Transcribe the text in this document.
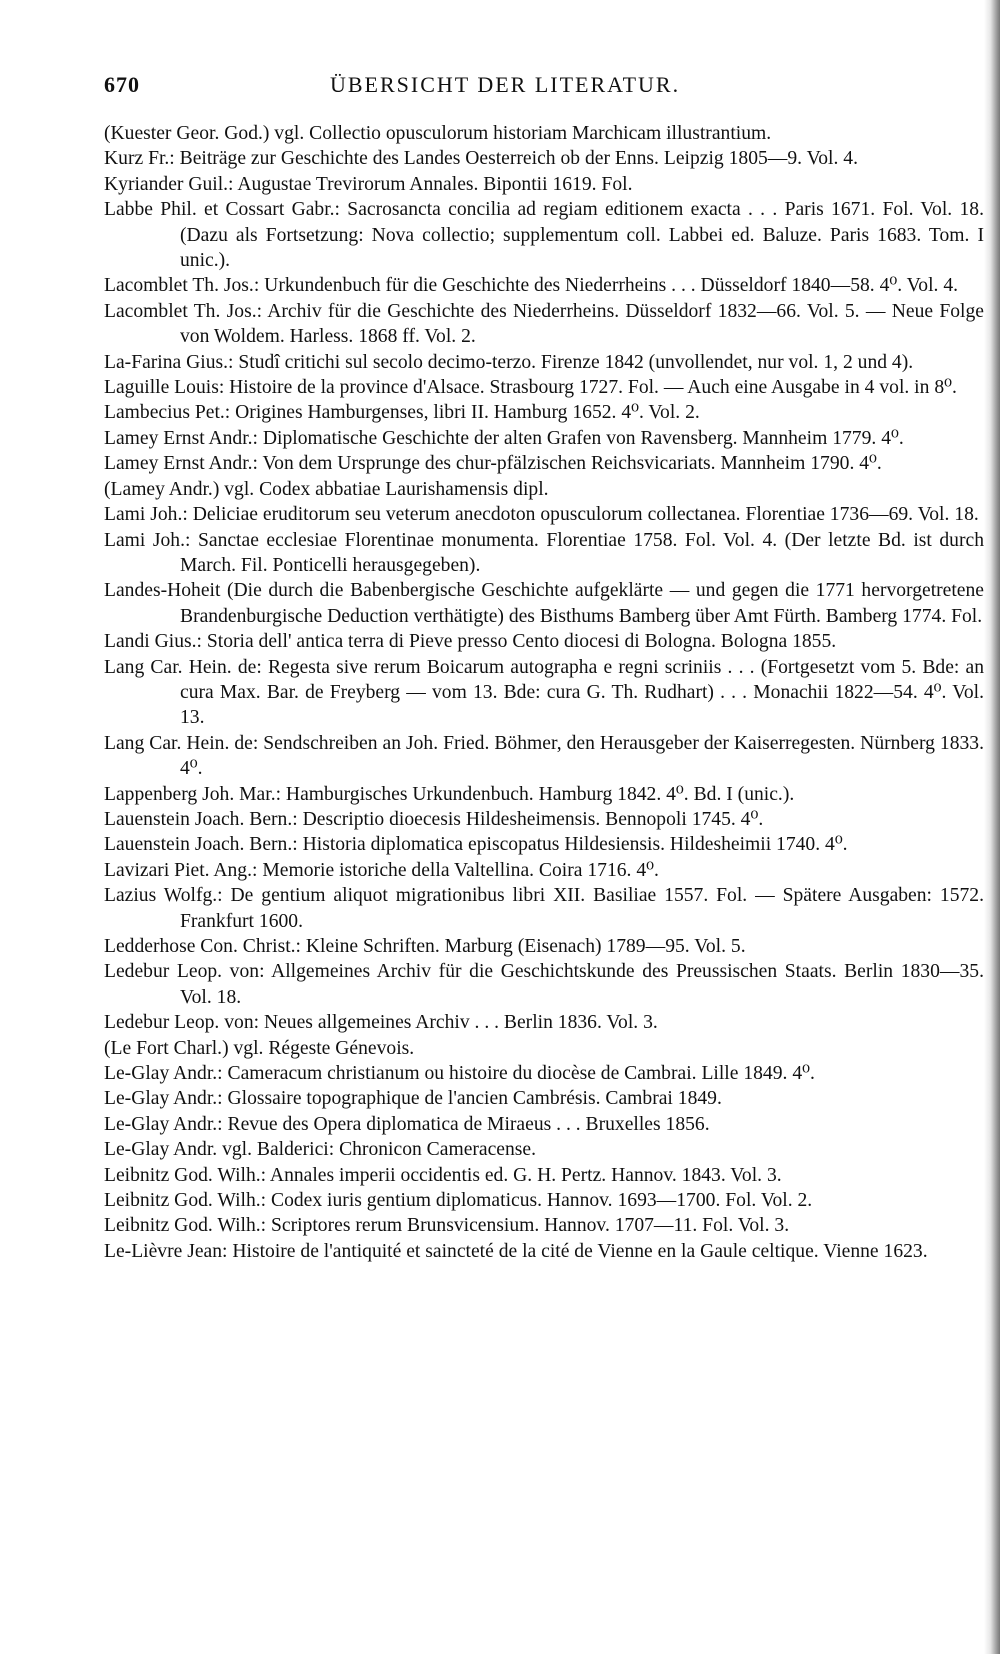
670	ÜBERSICHT DER LITERATUR.

(Kuester Geor. God.) vgl. Collectio opusculorum historiam Marchicam illustrantium.

Kurz Fr.: Beiträge zur Geschichte des Landes Oesterreich ob der Enns. Leipzig 1805—9. Vol. 4.

Kyriander Guil.: Augustae Trevirorum Annales. Bipontii 1619. Fol.

Labbe Phil. et Cossart Gabr.: Sacrosancta concilia ad regiam editionem exacta . . . Paris 1671. Fol. Vol. 18. (Dazu als Fortsetzung: Nova collectio; supplementum coll. Labbei ed. Baluze. Paris 1683. Tom. I unic.).

Lacomblet Th. Jos.: Urkundenbuch für die Geschichte des Niederrheins . . . Düsseldorf 1840—58. 4⁰. Vol. 4.

Lacomblet Th. Jos.: Archiv für die Geschichte des Niederrheins. Düsseldorf 1832—66. Vol. 5. — Neue Folge von Woldem. Harless. 1868 ff. Vol. 2.

La-Farina Gius.: Studî critichi sul secolo decimo-terzo. Firenze 1842 (unvollendet, nur vol. 1, 2 und 4).

Laguille Louis: Histoire de la province d'Alsace. Strasbourg 1727. Fol. — Auch eine Ausgabe in 4 vol. in 8⁰.

Lambecius Pet.: Origines Hamburgenses, libri II. Hamburg 1652. 4⁰. Vol. 2.

Lamey Ernst Andr.: Diplomatische Geschichte der alten Grafen von Ravensberg. Mannheim 1779. 4⁰.

Lamey Ernst Andr.: Von dem Ursprunge des chur-pfälzischen Reichsvicariats. Mannheim 1790. 4⁰.

(Lamey Andr.) vgl. Codex abbatiae Laurishamensis dipl.

Lami Joh.: Deliciae eruditorum seu veterum anecdoton opusculorum collectanea. Florentiae 1736—69. Vol. 18.

Lami Joh.: Sanctae ecclesiae Florentinae monumenta. Florentiae 1758. Fol. Vol. 4. (Der letzte Bd. ist durch March. Fil. Ponticelli herausgegeben).

Landes-Hoheit (Die durch die Babenbergische Geschichte aufgeklärte — und gegen die 1771 hervorgetretene Brandenburgische Deduction verthätigte) des Bisthums Bamberg über Amt Fürth. Bamberg 1774. Fol.

Landi Gius.: Storia dell' antica terra di Pieve presso Cento diocesi di Bologna. Bologna 1855.

Lang Car. Hein. de: Regesta sive rerum Boicarum autographa e regni scriniis . . . (Fortgesetzt vom 5. Bde: an cura Max. Bar. de Freyberg — vom 13. Bde: cura G. Th. Rudhart) . . . Monachii 1822—54. 4⁰. Vol. 13.

Lang Car. Hein. de: Sendschreiben an Joh. Fried. Böhmer, den Herausgeber der Kaiserregesten. Nürnberg 1833. 4⁰.

Lappenberg Joh. Mar.: Hamburgisches Urkundenbuch. Hamburg 1842. 4⁰. Bd. I (unic.).

Lauenstein Joach. Bern.: Descriptio dioecesis Hildesheimensis. Bennopoli 1745. 4⁰.

Lauenstein Joach. Bern.: Historia diplomatica episcopatus Hildesiensis. Hildesheimii 1740. 4⁰.

Lavizari Piet. Ang.: Memorie istoriche della Valtellina. Coira 1716. 4⁰.

Lazius Wolfg.: De gentium aliquot migrationibus libri XII. Basiliae 1557. Fol. — Spätere Ausgaben: 1572. Frankfurt 1600.

Ledderhose Con. Christ.: Kleine Schriften. Marburg (Eisenach) 1789—95. Vol. 5.

Ledebur Leop. von: Allgemeines Archiv für die Geschichtskunde des Preussischen Staats. Berlin 1830—35. Vol. 18.

Ledebur Leop. von: Neues allgemeines Archiv . . . Berlin 1836. Vol. 3.

(Le Fort Charl.) vgl. Régeste Génevois.

Le-Glay Andr.: Cameracum christianum ou histoire du diocèse de Cambrai. Lille 1849. 4⁰.

Le-Glay Andr.: Glossaire topographique de l'ancien Cambrésis. Cambrai 1849.

Le-Glay Andr.: Revue des Opera diplomatica de Miraeus . . . Bruxelles 1856.

Le-Glay Andr. vgl. Balderici: Chronicon Cameracense.

Leibnitz God. Wilh.: Annales imperii occidentis ed. G. H. Pertz. Hannov. 1843. Vol. 3.

Leibnitz God. Wilh.: Codex iuris gentium diplomaticus. Hannov. 1693—1700. Fol. Vol. 2.

Leibnitz God. Wilh.: Scriptores rerum Brunsvicensium. Hannov. 1707—11. Fol. Vol. 3.

Le-Lièvre Jean: Histoire de l'antiquité et saincteté de la cité de Vienne en la Gaule celtique. Vienne 1623.
